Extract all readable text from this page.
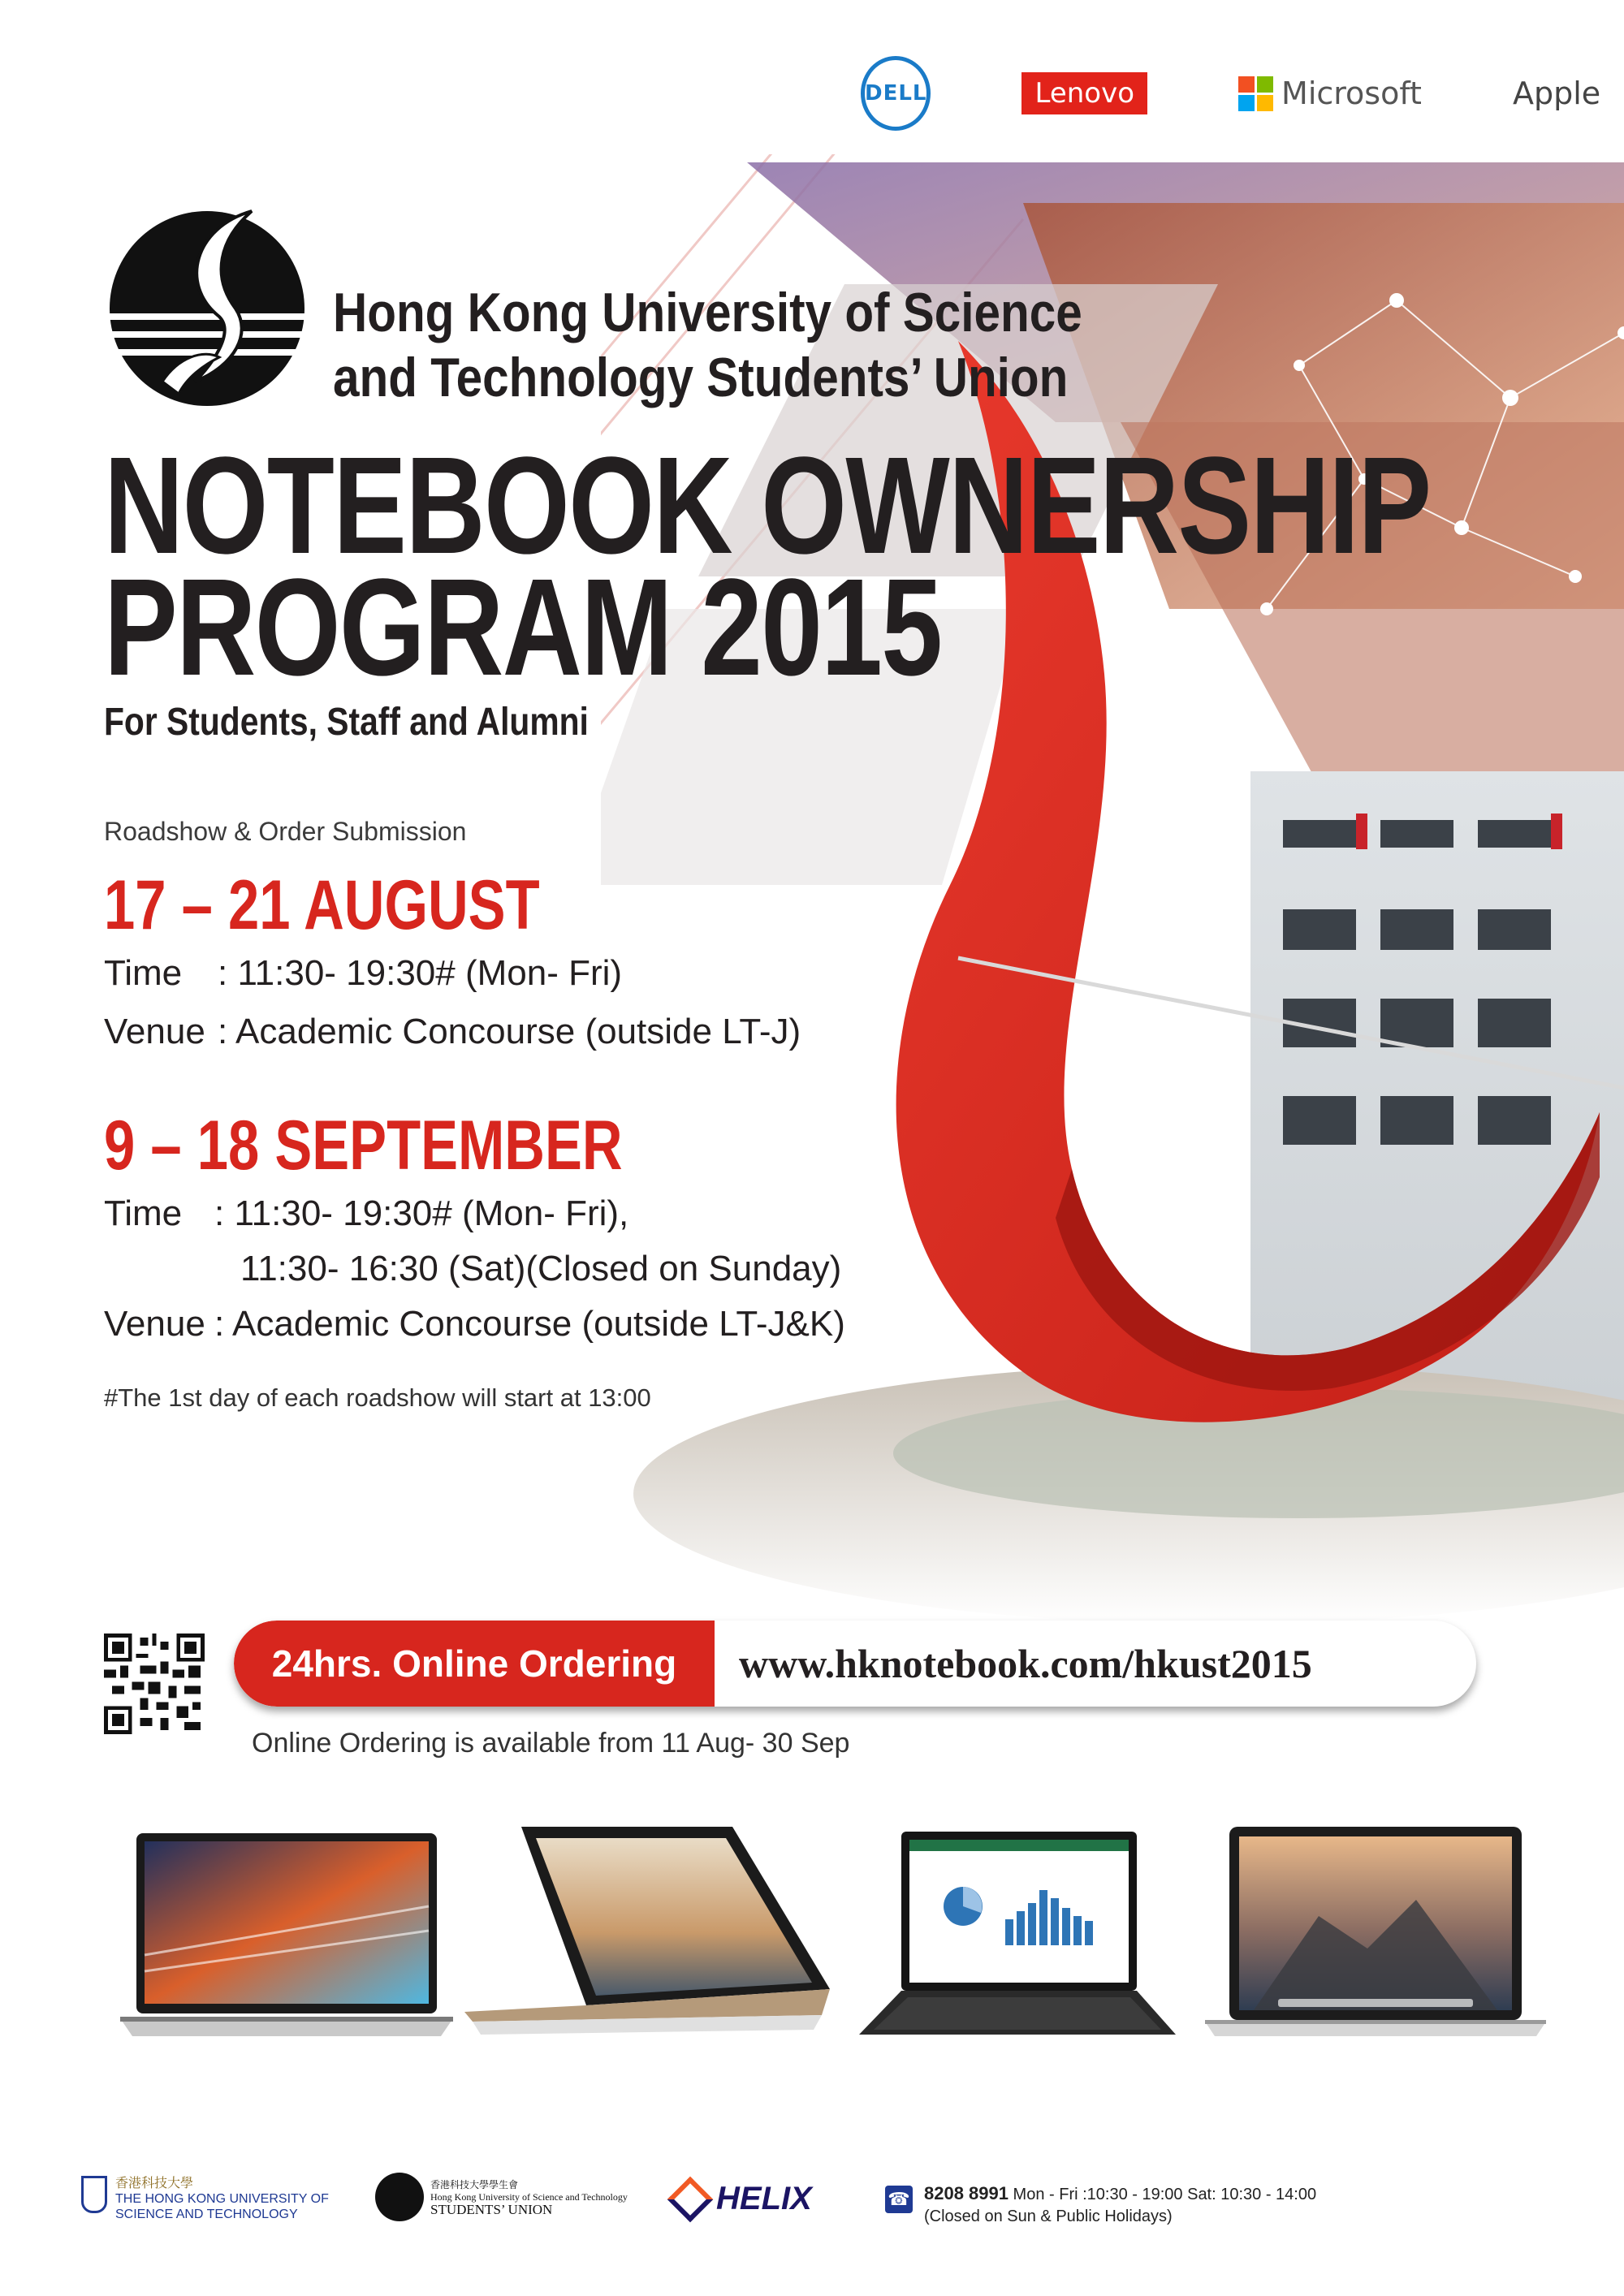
DELL	Lenovo	Microsoft	Apple
Hong Kong University of Science
and Technology Students’ Union
NOTEBOOK OWNERSHIP
PROGRAM 2015
For Students, Staff and Alumni
Roadshow & Order Submission
17 – 21 AUGUST
Time : 11:30- 19:30# (Mon- Fri)
Venue : Academic Concourse (outside LT-J)
9 – 18 SEPTEMBER
Time : 11:30- 19:30# (Mon- Fri),
11:30- 16:30 (Sat)(Closed on Sunday)
Venue : Academic Concourse (outside LT-J&K)
#The 1st day of each roadshow will start at 13:00
24hrs. Online Ordering	www.hknotebook.com/hkust2015
Online Ordering is available from 11 Aug- 30 Sep
香港科技大學
THE HONG KONG UNIVERSITY OF
SCIENCE AND TECHNOLOGY
香港科技大學學生會
Hong Kong University of Science and Technology
STUDENTS’ UNION	HELIX	☎ 8208 8991 Mon - Fri :10:30 - 19:00 Sat: 10:30 - 14:00
(Closed on Sun & Public Holidays)
